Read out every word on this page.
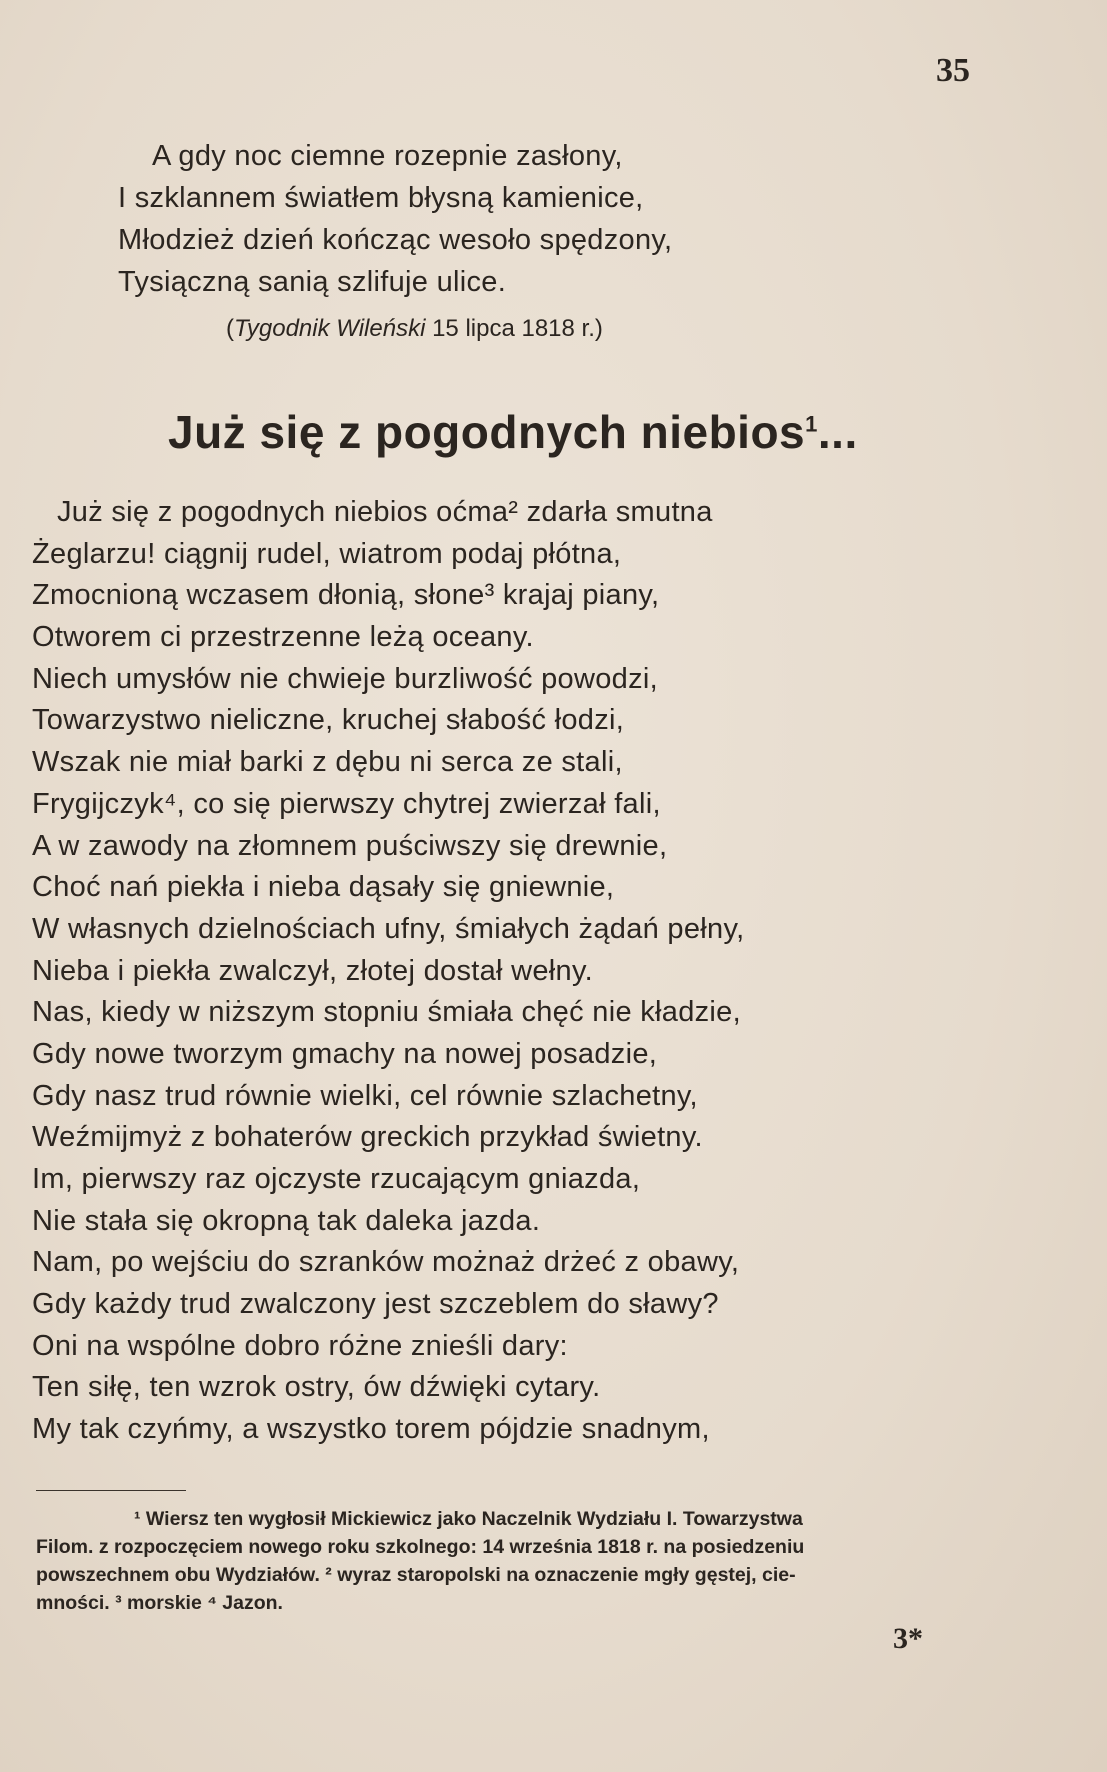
35
A gdy noc ciemne rozepnie zasłony,
I szklannem światłem błysną kamienice,
Młodzież dzień kończąc wesoło spędzony,
Tysiączną sanią szlifuje ulice.
(Tygodnik Wileński 15 lipca 1818 r.)
Już się z pogodnych niebios$^1$...
Już się z pogodnych niebios oćma² zdarła smutna
Żeglarzu! ciągnij rudel, wiatrom podaj płótna,
Zmocnioną wczasem dłonią, słone³ krajaj piany,
Otworem ci przestrzenne leżą oceany.
Niech umysłów nie chwieje burzliwość powodzi,
Towarzystwo nieliczne, kruchej słabość łodzi,
Wszak nie miał barki z dębu ni serca ze stali,
Frygijczyk⁴, co się pierwszy chytrej zwierzał fali,
A w zawody na złomnem puściwszy się drewnie,
Choć nań piekła i nieba dąsały się gniewnie,
W własnych dzielnościach ufny, śmiałych żądań pełny,
Nieba i piekła zwalczył, złotej dostał wełny.
Nas, kiedy w niższym stopniu śmiała chęć nie kładzie,
Gdy nowe tworzym gmachy na nowej posadzie,
Gdy nasz trud równie wielki, cel równie szlachetny,
Weźmijmyż z bohaterów greckich przykład świetny.
Im, pierwszy raz ojczyste rzucającym gniazda,
Nie stała się okropną tak daleka jazda.
Nam, po wejściu do szranków możnaż drżeć z obawy,
Gdy każdy trud zwalczony jest szczeblem do sławy?
Oni na wspólne dobro różne znieśli dary:
Ten siłę, ten wzrok ostry, ów dźwięki cytary.
My tak czyńmy, a wszystko torem pójdzie snadnym,
¹ Wiersz ten wygłosił Mickiewicz jako Naczelnik Wydziału I. Towarzystwa
Filom. z rozpoczęciem nowego roku szkolnego: 14 września 1818 r. na posiedzeniu
powszechnem obu Wydziałów. ² wyraz staropolski na oznaczenie mgły gęstej, cie-
mności. ³ morskie ⁴ Jazon.
3*
